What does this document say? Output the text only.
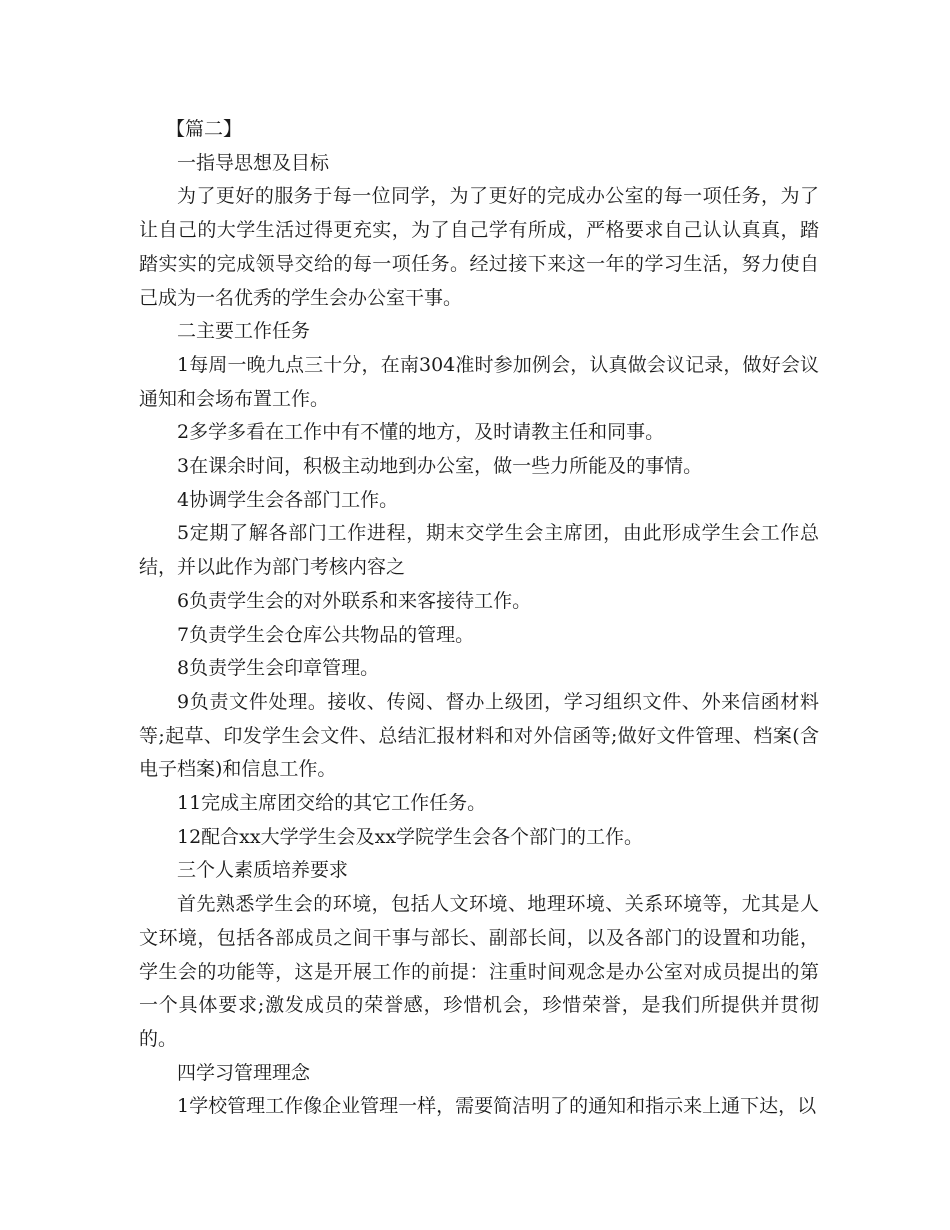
【篇二】

一指导思想及目标

为了更好的服务于每一位同学，为了更好的完成办公室的每一项任务，为了让自己的大学生活过得更充实，为了自己学有所成，严格要求自己认认真真，踏踏实实的完成领导交给的每一项任务。经过接下来这一年的学习生活，努力使自己成为一名优秀的学生会办公室干事。

二主要工作任务

1每周一晚九点三十分，在南304准时参加例会，认真做会议记录，做好会议通知和会场布置工作。

2多学多看在工作中有不懂的地方，及时请教主任和同事。

3在课余时间，积极主动地到办公室，做一些力所能及的事情。

4协调学生会各部门工作。

5定期了解各部门工作进程，期末交学生会主席团，由此形成学生会工作总结，并以此作为部门考核内容之

6负责学生会的对外联系和来客接待工作。

7负责学生会仓库公共物品的管理。

8负责学生会印章管理。

9负责文件处理。接收、传阅、督办上级团，学习组织文件、外来信函材料等;起草、印发学生会文件、总结汇报材料和对外信函等;做好文件管理、档案(含电子档案)和信息工作。

11完成主席团交给的其它工作任务。

12配合xx大学学生会及xx学院学生会各个部门的工作。

三个人素质培养要求

首先熟悉学生会的环境，包括人文环境、地理环境、关系环境等，尤其是人文环境，包括各部成员之间干事与部长、副部长间，以及各部门的设置和功能，学生会的功能等，这是开展工作的前提：注重时间观念是办公室对成员提出的第一个具体要求;激发成员的荣誉感，珍惜机会，珍惜荣誉，是我们所提供并贯彻的。

四学习管理理念

1学校管理工作像企业管理一样，需要简洁明了的通知和指示来上通下达，以
